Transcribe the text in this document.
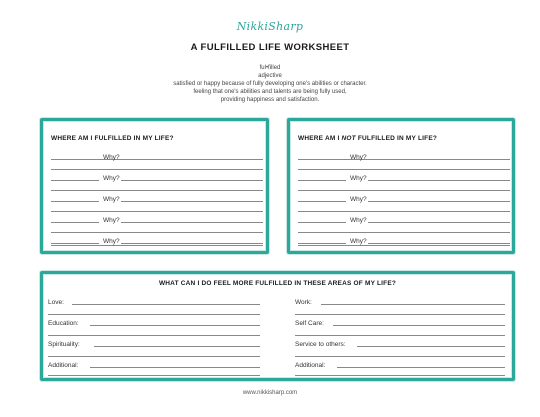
NikkiSharp
A FULFILLED LIFE WORKSHEET
ful•filled
adjective
satisfied or happy because of fully developing one's abilities or character.
feeling that one's abilities and talents are being fully used,
providing happiness and satisfaction.
WHERE AM I FULFILLED IN MY LIFE?
Why?
Why?
Why?
Why?
Why?
WHERE AM I NOT FULFILLED IN MY LIFE?
Why?
Why?
Why?
Why?
Why?
WHAT CAN I DO FEEL MORE FULFILLED IN THESE AREAS OF MY LIFE?
Love:
Education:
Spirituality:
Additional:
Work:
Self Care:
Service to others:
Additional:
www.nikkisharp.com
